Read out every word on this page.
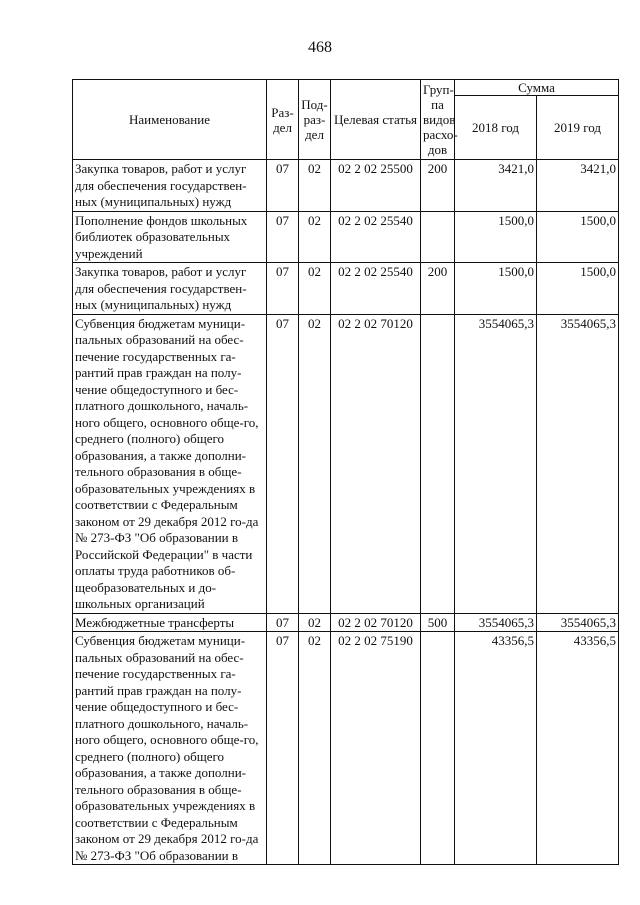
468
Наименование	Раз-дел	Под-раз-дел	Целевая статья	Груп-па видов расхо-дов	Сумма	
					2018 год	2019 год
Закупка товаров, работ и услуг для обеспечения государствен-ных (муниципальных) нужд	07	02	02 2 02 25500	200	3421,0	3421,0
Пополнение фондов школьных библиотек образовательных учреждений	07	02	02 2 02 25540		1500,0	1500,0
Закупка товаров, работ и услуг для обеспечения государствен-ных (муниципальных) нужд	07	02	02 2 02 25540	200	1500,0	1500,0
Субвенция бюджетам муници-пальных образований на обес-печение государственных га-рантий прав граждан на полу-чение общедоступного и бес-платного дошкольного, началь-ного общего, основного обще-го, среднего (полного) общего образования, а также дополни-тельного образования в обще-образовательных учреждениях в соответствии с Федеральным законом от 29 декабря 2012 го-да № 273-ФЗ "Об образовании в Российской Федерации" в части оплаты труда работников об-щеобразовательных и до-школьных организаций	07	02	02 2 02 70120		3554065,3	3554065,3
Межбюджетные трансферты	07	02	02 2 02 70120	500	3554065,3	3554065,3
Субвенция бюджетам муници-пальных образований на обес-печение государственных га-рантий прав граждан на полу-чение общедоступного и бес-платного дошкольного, началь-ного общего, основного обще-го, среднего (полного) общего образования, а также дополни-тельного образования в обще-образовательных учреждениях в соответствии с Федеральным законом от 29 декабря 2012 го-да № 273-ФЗ "Об образовании в	07	02	02 2 02 75190		43356,5	43356,5
